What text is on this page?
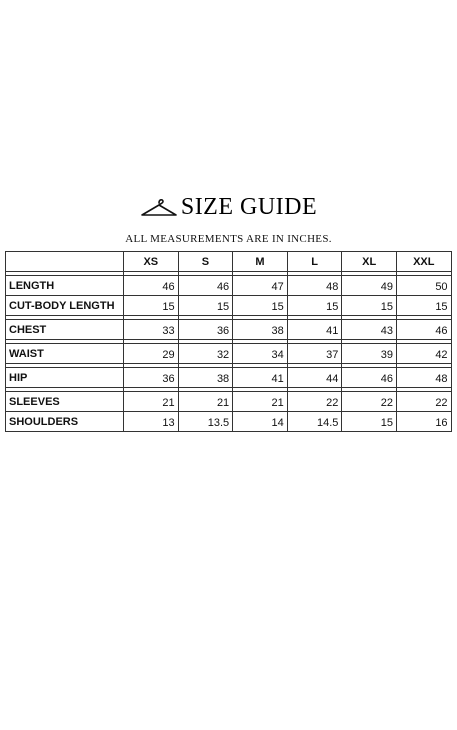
SIZE GUIDE
ALL MEASUREMENTS ARE IN INCHES.
	XS	S	M	L	XL	XXL

LENGTH	46	46	47	48	49	50
CUT-BODY LENGTH	15	15	15	15	15	15

CHEST	33	36	38	41	43	46

WAIST	29	32	34	37	39	42

HIP	36	38	41	44	46	48

SLEEVES	21	21	21	22	22	22
SHOULDERS	13	13.5	14	14.5	15	16
